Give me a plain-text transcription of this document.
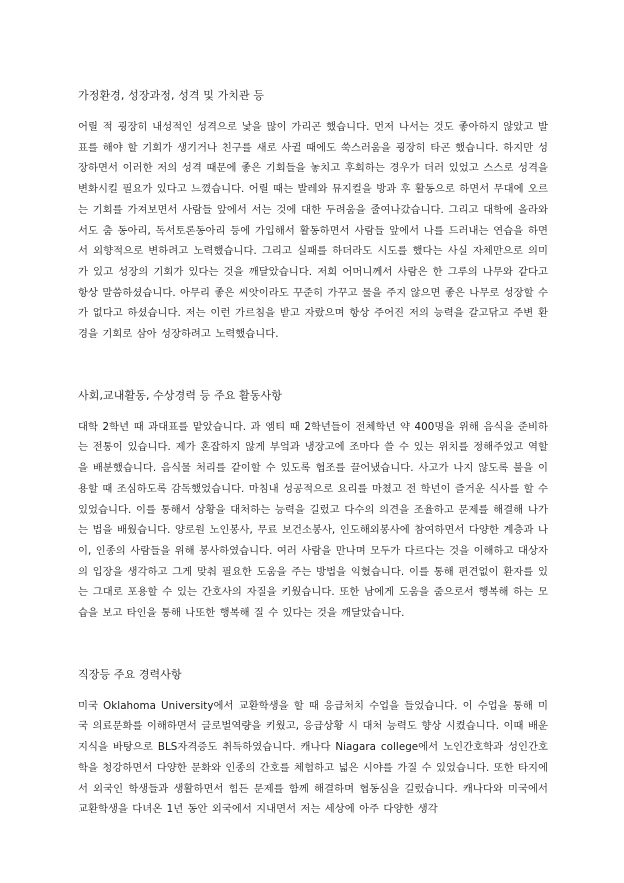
가정환경, 성장과정, 성격 및 가치관 등

어릴 적 굉장히 내성적인 성격으로 낯을 많이 가리곤 했습니다. 먼저 나서는 것도 좋아하지 않았고 발표를 해야 할 기회가 생기거나 친구를 새로 사귈 때에도 쑥스러움을 굉장히 타곤 했습니다. 하지만 성장하면서 이러한 저의 성격 때문에 좋은 기회들을 놓치고 후회하는 경우가 더러 있었고 스스로 성격을 변화시킬 필요가 있다고 느꼈습니다. 어릴 때는 발레와 뮤지컬을 방과 후 활동으로 하면서 무대에 오르는 기회를 가져보면서 사람들 앞에서 서는 것에 대한 두려움을 줄여나갔습니다. 그리고 대학에 올라와서도 춤 동아리, 독서토론동아리 등에 가입해서 활동하면서 사람들 앞에서 나를 드러내는 연습을 하면서 외향적으로 변하려고 노력했습니다. 그리고 실패를 하더라도 시도를 했다는 사실 자체만으로 의미가 있고 성장의 기회가 있다는 것을 깨달았습니다. 저희 어머니께서 사람은 한 그루의 나무와 같다고 항상 말씀하셨습니다. 아무리 좋은 씨앗이라도 꾸준히 가꾸고 물을 주지 않으면 좋은 나무로 성장할 수가 없다고 하셨습니다. 저는 이런 가르침을 받고 자랐으며 항상 주어진 저의 능력을 갈고닦고 주변 환경을 기회로 삼아 성장하려고 노력했습니다.

사회,교내활동, 수상경력 등 주요 활동사항

대학 2학년 때 과대표를 맡았습니다. 과 엠티 때 2학년들이 전체학년 약 400명을 위해 음식을 준비하는 전통이 있습니다. 제가 혼잡하지 않게 부엌과 냉장고에 조마다 쓸 수 있는 위치를 정해주었고 역할을 배분했습니다. 음식물 처리를 같이할 수 있도록 협조를 끌어냈습니다. 사고가 나지 않도록 불을 이용할 때 조심하도록 감독했었습니다. 마침내 성공적으로 요리를 마쳤고 전 학년이 즐거운 식사를 할 수 있었습니다. 이를 통해서 상황을 대처하는 능력을 길렀고 다수의 의견을 조율하고 문제를 해결해 나가는 법을 배웠습니다. 양로원 노인봉사, 무료 보건소봉사, 인도해외봉사에 참여하면서 다양한 계층과 나이, 인종의 사람들을 위해 봉사하였습니다. 여러 사람을 만나며 모두가 다르다는 것을 이해하고 대상자의 입장을 생각하고 그게 맞춰 필요한 도움을 주는 방법을 익혔습니다. 이를 통해 편견없이 환자를 있는 그대로 포용할 수 있는 간호사의 자질을 키웠습니다. 또한 남에게 도움을 줌으로서 행복해 하는 모습을 보고 타인을 통해 나또한 행복해 질 수 있다는 것을 깨달았습니다.

직장등 주요 경력사항

미국 Oklahoma University에서 교환학생을 할 때 응급처치 수업을 들었습니다. 이 수업을 통해 미국 의료문화를 이해하면서 글로벌역량을 키웠고, 응급상황 시 대처 능력도 향상 시켰습니다. 이때 배운 지식을 바탕으로 BLS자격증도 취득하였습니다. 캐나다 Niagara college에서 노인간호학과 성인간호학을 청강하면서 다양한 문화와 인종의 간호를 체험하고 넓은 시야를 가질 수 있었습니다. 또한 타지에서 외국인 학생들과 생활하면서 힘든 문제를 함께 해결하며 협동심을 길렀습니다. 캐나다와 미국에서 교환학생을 다녀온 1년 동안 외국에서 지내면서 저는 세상에 아주 다양한 생각
